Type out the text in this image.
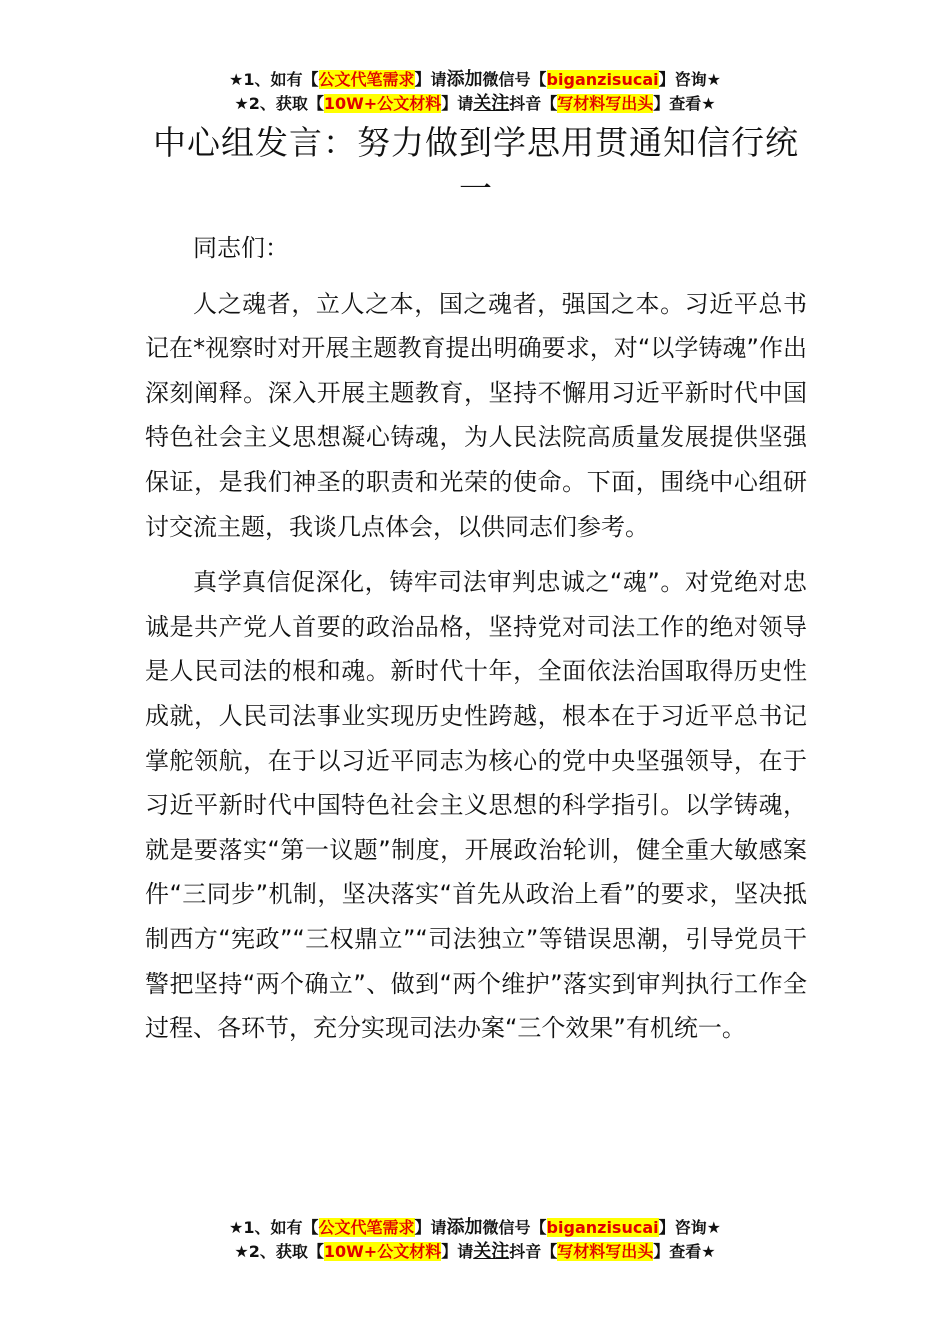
★1、如有【公文代笔需求】请添加微信号【biganzisucai】咨询★
★2、获取【10W+公文材料】请关注抖音【写材料写出头】查看★
中心组发言：努力做到学思用贯通知信行统一

同志们：

人之魂者，立人之本，国之魂者，强国之本。习近平总书记在*视察时对开展主题教育提出明确要求，对“以学铸魂”作出深刻阐释。深入开展主题教育，坚持不懈用习近平新时代中国特色社会主义思想凝心铸魂，为人民法院高质量发展提供坚强保证，是我们神圣的职责和光荣的使命。下面，围绕中心组研讨交流主题，我谈几点体会，以供同志们参考。

真学真信促深化，铸牢司法审判忠诚之“魂”。对党绝对忠诚是共产党人首要的政治品格，坚持党对司法工作的绝对领导是人民司法的根和魂。新时代十年，全面依法治国取得历史性成就，人民司法事业实现历史性跨越，根本在于习近平总书记掌舵领航，在于以习近平同志为核心的党中央坚强领导，在于习近平新时代中国特色社会主义思想的科学指引。以学铸魂，就是要落实“第一议题”制度，开展政治轮训，健全重大敏感案件“三同步”机制，坚决落实“首先从政治上看”的要求，坚决抵制西方“宪政”“三权鼎立”“司法独立”等错误思潮，引导党员干警把坚持“两个确立”、做到“两个维护”落实到审判执行工作全过程、各环节，充分实现司法办案“三个效果”有机统一。

★1、如有【公文代笔需求】请添加微信号【biganzisucai】咨询★
★2、获取【10W+公文材料】请关注抖音【写材料写出头】查看★
